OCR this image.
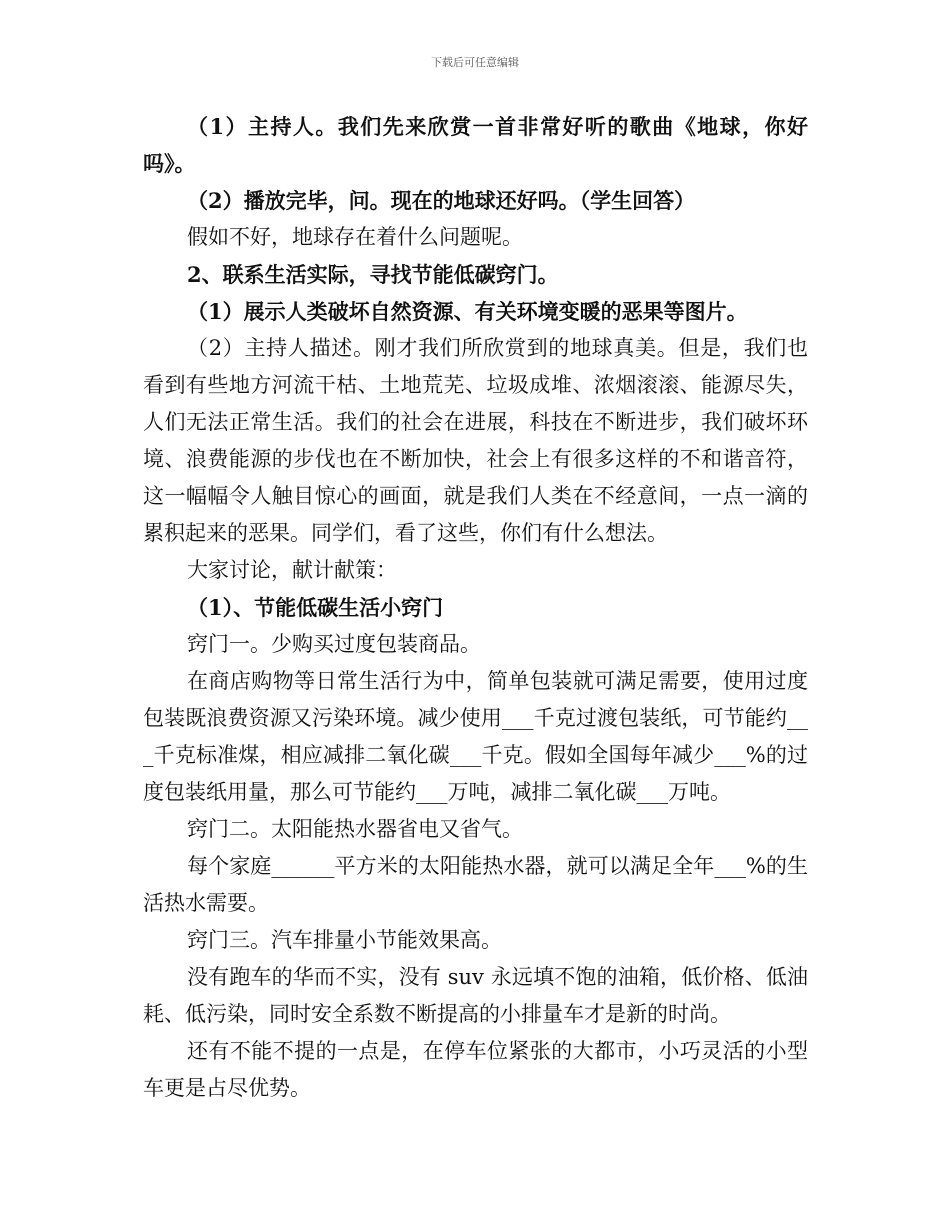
下载后可任意编辑

（1）主持人。我们先来欣赏一首非常好听的歌曲《地球，你好吗》。

（2）播放完毕，问。现在的地球还好吗。（学生回答）

假如不好，地球存在着什么问题呢。

2、联系生活实际，寻找节能低碳窍门。

（1）展示人类破坏自然资源、有关环境变暖的恶果等图片。

（2）主持人描述。刚才我们所欣赏到的地球真美。但是，我们也看到有些地方河流干枯、土地荒芜、垃圾成堆、浓烟滚滚、能源尽失，人们无法正常生活。我们的社会在进展，科技在不断进步，我们破坏环境、浪费能源的步伐也在不断加快，社会上有很多这样的不和谐音符，这一幅幅令人触目惊心的画面，就是我们人类在不经意间，一点一滴的累积起来的恶果。同学们，看了这些，你们有什么想法。

大家讨论，献计献策：

（1）、节能低碳生活小窍门

窍门一。少购买过度包装商品。

在商店购物等日常生活行为中，简单包装就可满足需要，使用过度包装既浪费资源又污染环境。减少使用___千克过渡包装纸，可节能约___千克标准煤，相应减排二氧化碳___千克。假如全国每年减少___%的过度包装纸用量，那么可节能约___万吨，减排二氧化碳___万吨。

窍门二。太阳能热水器省电又省气。

每个家庭______平方米的太阳能热水器，就可以满足全年___%的生活热水需要。

窍门三。汽车排量小节能效果高。

没有跑车的华而不实，没有 suv 永远填不饱的油箱，低价格、低油耗、低污染，同时安全系数不断提高的小排量车才是新的时尚。

还有不能不提的一点是，在停车位紧张的大都市，小巧灵活的小型车更是占尽优势。
